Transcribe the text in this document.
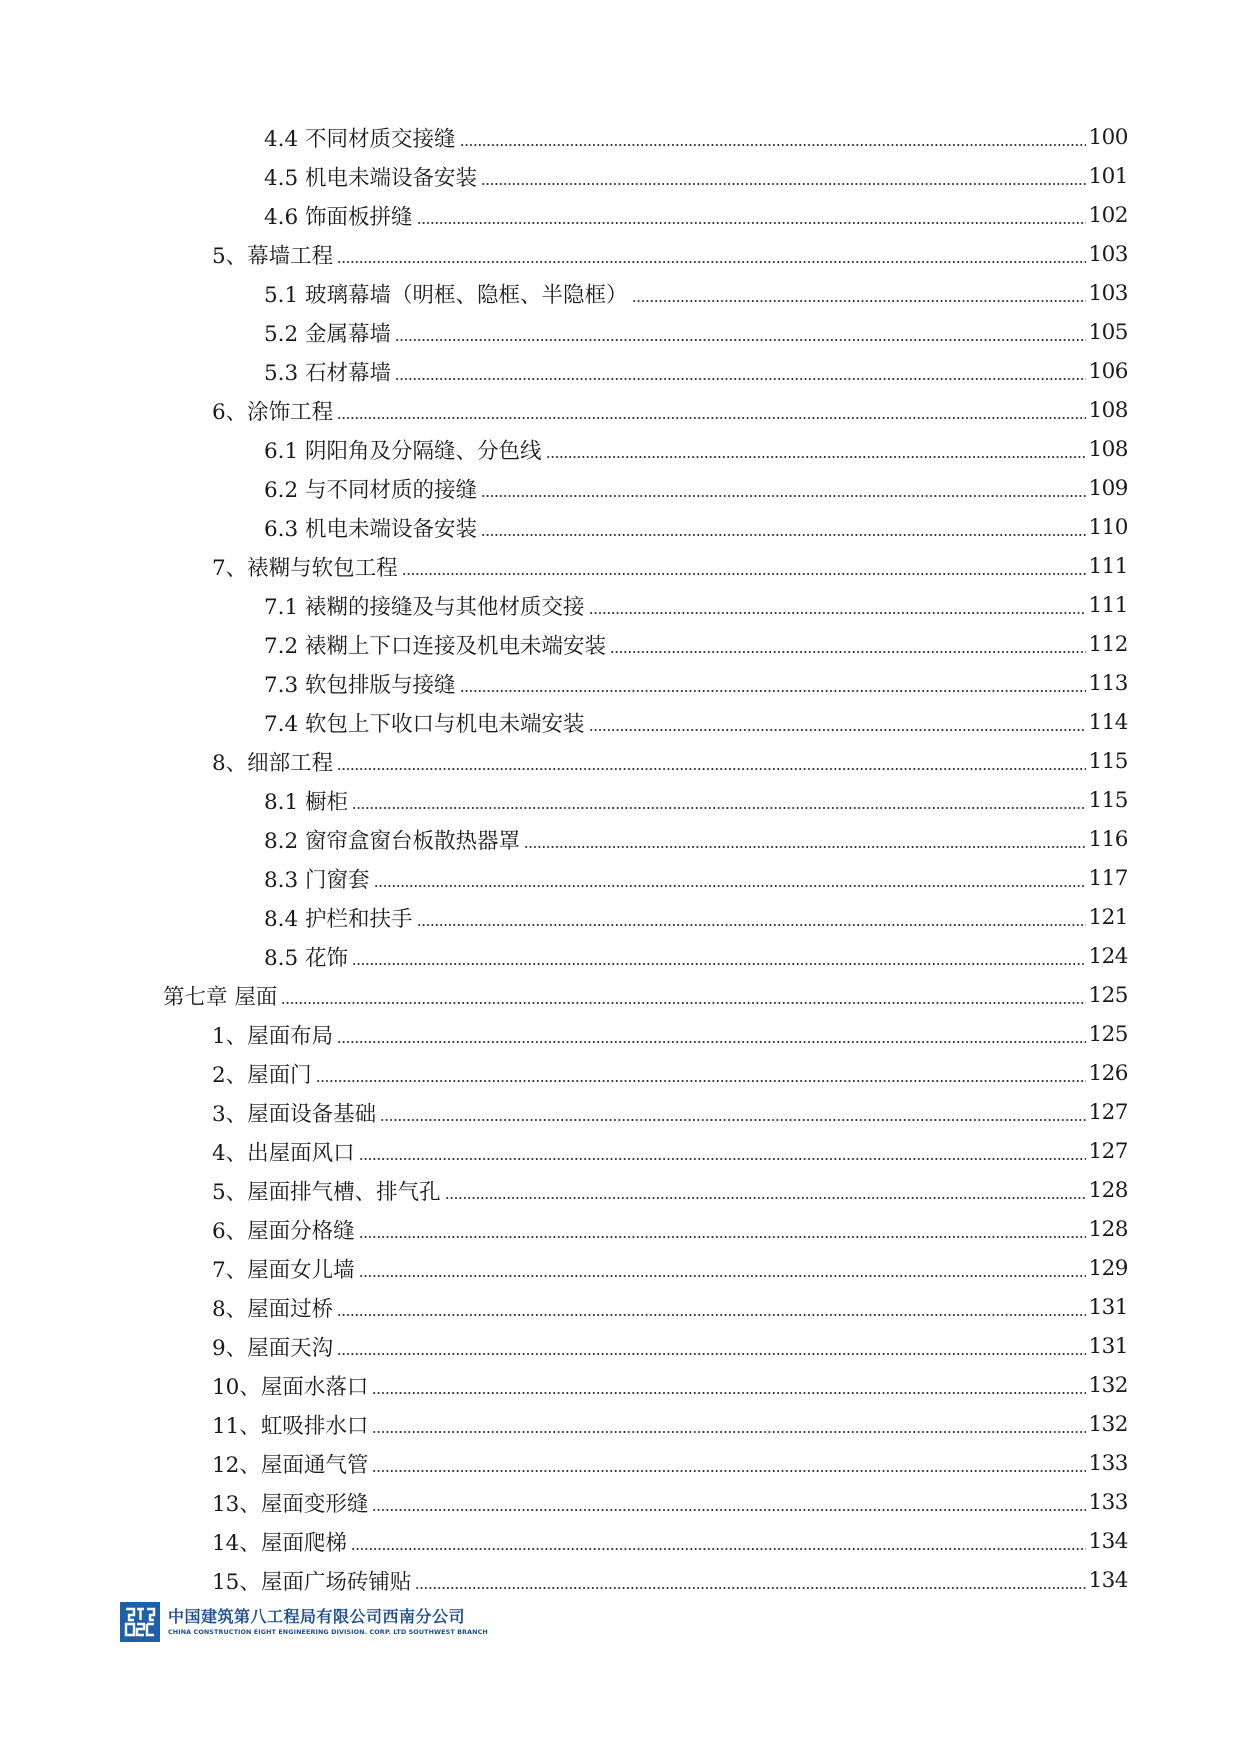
4.4 不同材质交接缝	100
4.5 机电未端设备安装	101
4.6 饰面板拼缝	102
5、幕墙工程	103
5.1 玻璃幕墙（明框、隐框、半隐框）	103
5.2 金属幕墙	105
5.3 石材幕墙	106
6、涂饰工程	108
6.1 阴阳角及分隔缝、分色线	108
6.2 与不同材质的接缝	109
6.3 机电未端设备安装	110
7、裱糊与软包工程	111
7.1 裱糊的接缝及与其他材质交接	111
7.2 裱糊上下口连接及机电未端安装	112
7.3 软包排版与接缝	113
7.4 软包上下收口与机电未端安装	114
8、细部工程	115
8.1 橱柜	115
8.2 窗帘盒窗台板散热器罩	116
8.3 门窗套	117
8.4 护栏和扶手	121
8.5 花饰	124
第七章 屋面	125
1、屋面布局	125
2、屋面门	126
3、屋面设备基础	127
4、出屋面风口	127
5、屋面排气槽、排气孔	128
6、屋面分格缝	128
7、屋面女儿墙	129
8、屋面过桥	131
9、屋面天沟	131
10、屋面水落口	132
11、虹吸排水口	132
12、屋面通气管	133
13、屋面变形缝	133
14、屋面爬梯	134
15、屋面广场砖铺贴	134
中国建筑第八工程局有限公司西南分公司
CHINA CONSTRUCTION EIGHT ENGINEERING DIVISION. CORP. LTD SOUTHWEST BRANCH
